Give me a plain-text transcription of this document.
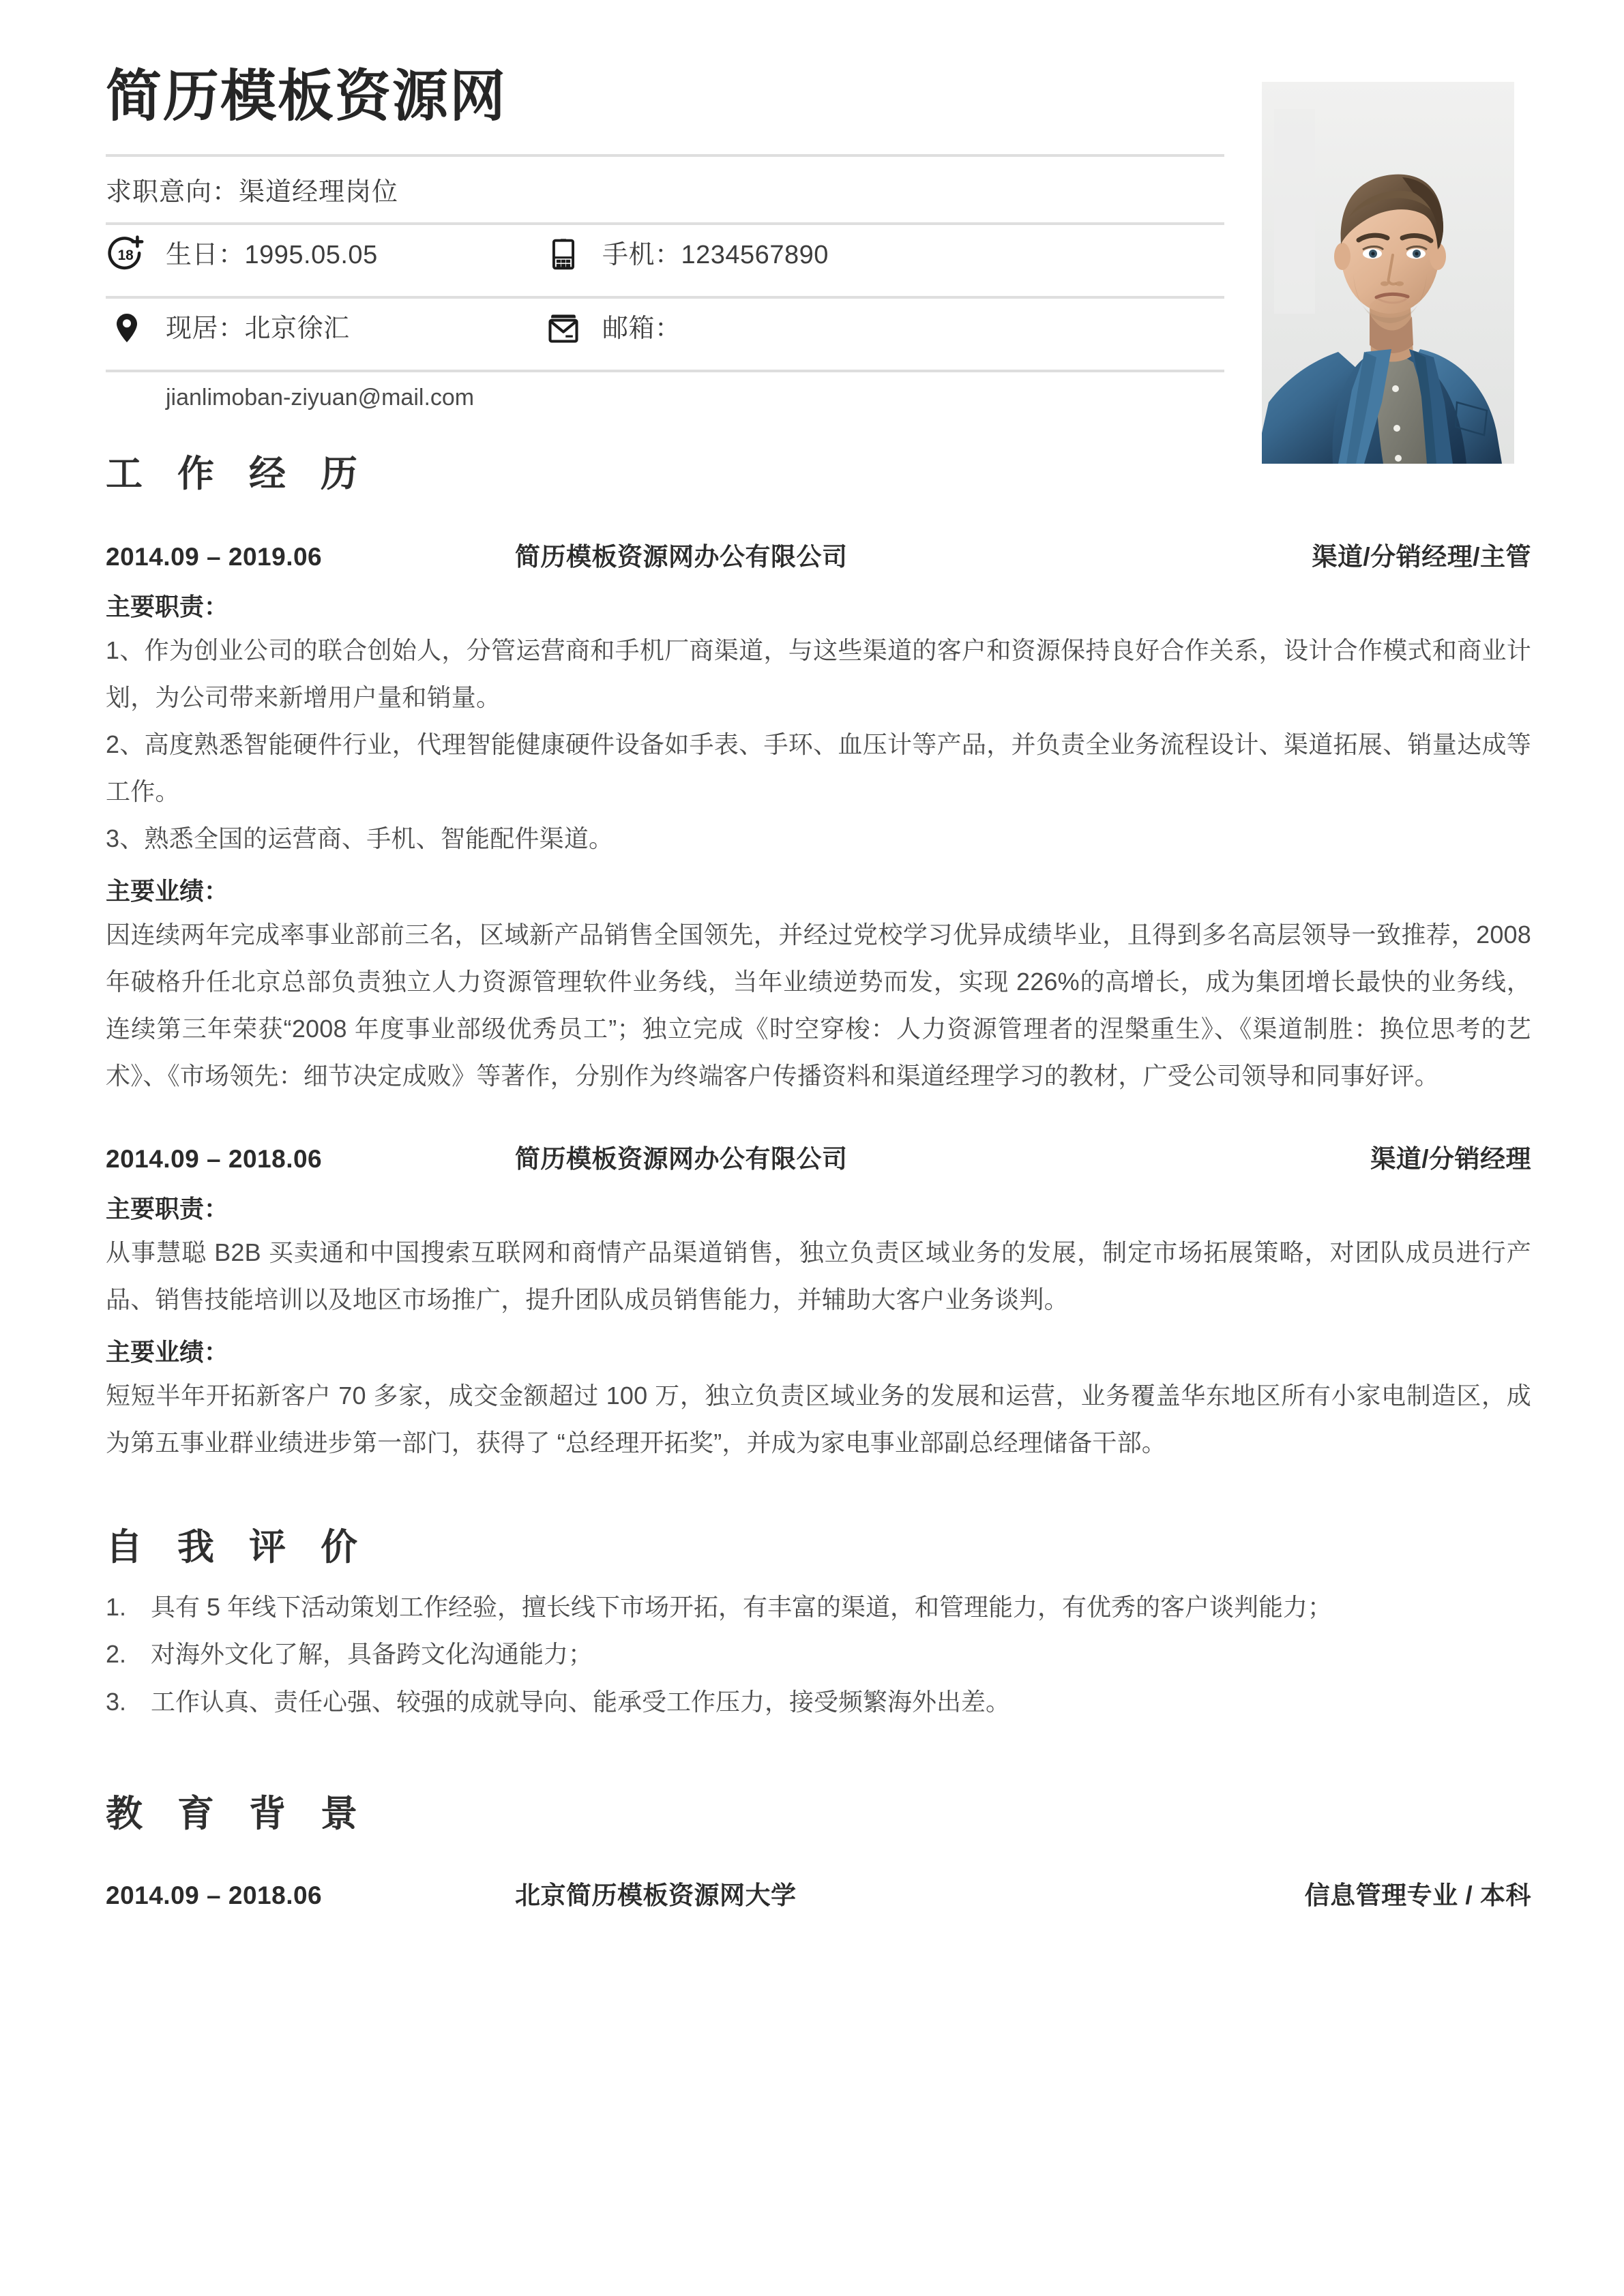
简历模板资源网
求职意向： 渠道经理岗位
18 生日：1995.05.05	手机：1234567890
现居：北京徐汇	邮箱：
jianlimoban-ziyuan@mail.com
工 作 经 历
2014.09 – 2019.06	简历模板资源网办公有限公司	渠道/分销经理/主管
主要职责：

1、作为创业公司的联合创始人，分管运营商和手机厂商渠道，与这些渠道的客户和资源保持良好合作关系，设计合作模式和商业计划，为公司带来新增用户量和销量。

2、高度熟悉智能硬件行业，代理智能健康硬件设备如手表、手环、血压计等产品，并负责全业务流程设计、渠道拓展、销量达成等工作。

3、熟悉全国的运营商、手机、智能配件渠道。

主要业绩：

因连续两年完成率事业部前三名，区域新产品销售全国领先，并经过党校学习优异成绩毕业，且得到多名高层领导一致推荐，2008 年破格升任北京总部负责独立人力资源管理软件业务线，当年业绩逆势而发，实现 226%的高增长，成为集团增长最快的业务线，连续第三年荣获“2008 年度事业部级优秀员工”；独立完成《时空穿梭：人力资源管理者的涅槃重生》、《渠道制胜：换位思考的艺术》、《市场领先：细节决定成败》等著作，分别作为终端客户传播资料和渠道经理学习的教材，广受公司领导和同事好评。

2014.09 – 2018.06	简历模板资源网办公有限公司	渠道/分销经理
主要职责：

从事慧聪 B2B 买卖通和中国搜索互联网和商情产品渠道销售，独立负责区域业务的发展，制定市场拓展策略，对团队成员进行产品、销售技能培训以及地区市场推广，提升团队成员销售能力，并辅助大客户业务谈判。

主要业绩：

短短半年开拓新客户 70 多家，成交金额超过 100 万，独立负责区域业务的发展和运营，业务覆盖华东地区所有小家电制造区，成为第五事业群业绩进步第一部门，获得了 “总经理开拓奖”，并成为家电事业部副总经理储备干部。

自 我 评 价
1. 具有 5 年线下活动策划工作经验，擅长线下市场开拓，有丰富的渠道，和管理能力，有优秀的客户谈判能力；
2. 对海外文化了解，具备跨文化沟通能力；
3. 工作认真、责任心强、较强的成就导向、能承受工作压力，接受频繁海外出差。
教 育 背 景
2014.09 – 2018.06	北京简历模板资源网大学	信息管理专业 / 本科
